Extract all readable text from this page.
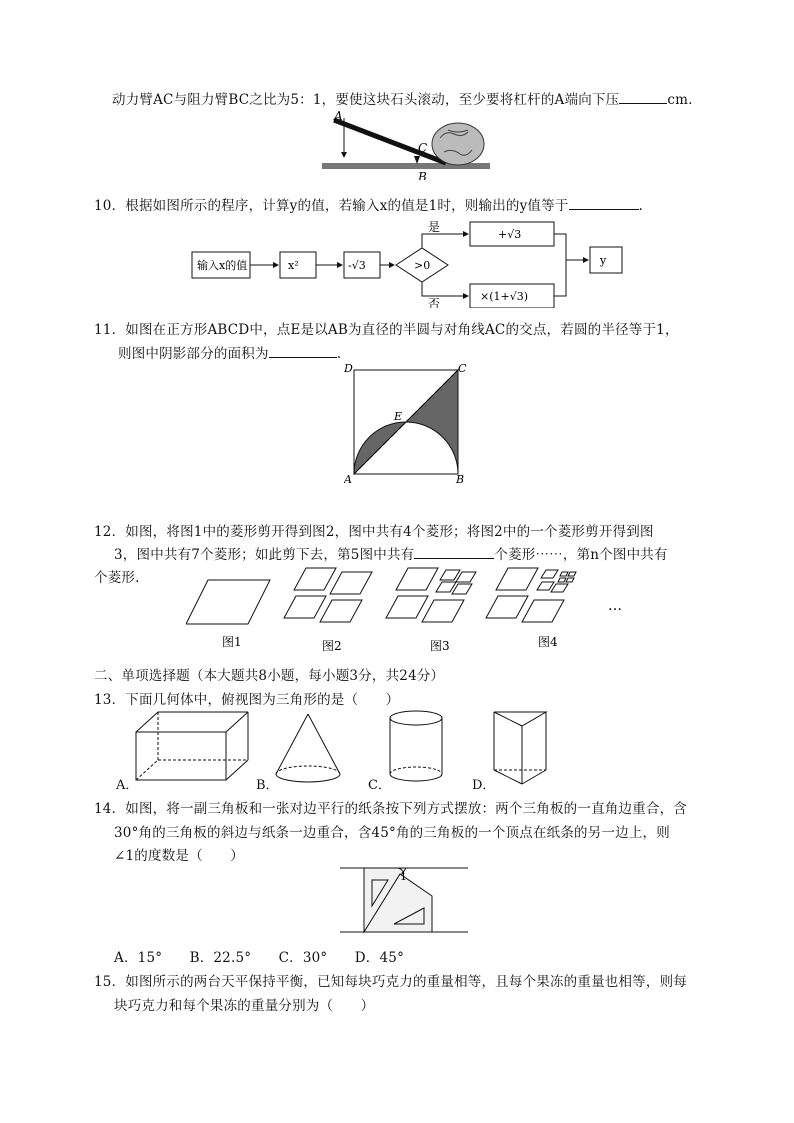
动力臂AC与阻力臂BC之比为5：1，要使这块石头滚动，至少要将杠杆的A端向下压	cm.
A
C
B
10．根据如图所示的程序，计算y的值，若输入x的值是1时，则输出的y值等于	.
输入x的值	x²	-√3	>0
是
否
+√3
×(1+√3)
y
11．如图在正方形ABCD中，点E是以AB为直径的半圆与对角线AC的交点，若圆的半径等于1，
则图中阴影部分的面积为	.
D	C
A	B
E
12．如图，将图1中的菱形剪开得到图2，图中共有4个菱形；将图2中的一个菱形剪开得到图
3，图中共有7个菱形；如此剪下去，第5图中共有	个菱形⋯⋯，第n个图中共有
个菱形.
…
图1	图2	图3	图4
二、单项选择题（本大题共8小题，每小题3分，共24分）
13．下面几何体中，俯视图为三角形的是（　　）
A．	B．	C．	D．
14．如图，将一副三角板和一张对边平行的纸条按下列方式摆放：两个三角板的一直角边重合，含
30°角的三角板的斜边与纸条一边重合，含45°角的三角板的一个顶点在纸条的另一边上，则
∠1的度数是（　　）
1
A．15°　　B．22.5°　　C．30°　　D．45°
15．如图所示的两台天平保持平衡，已知每块巧克力的重量相等，且每个果冻的重量也相等，则每
块巧克力和每个果冻的重量分别为（　　）
